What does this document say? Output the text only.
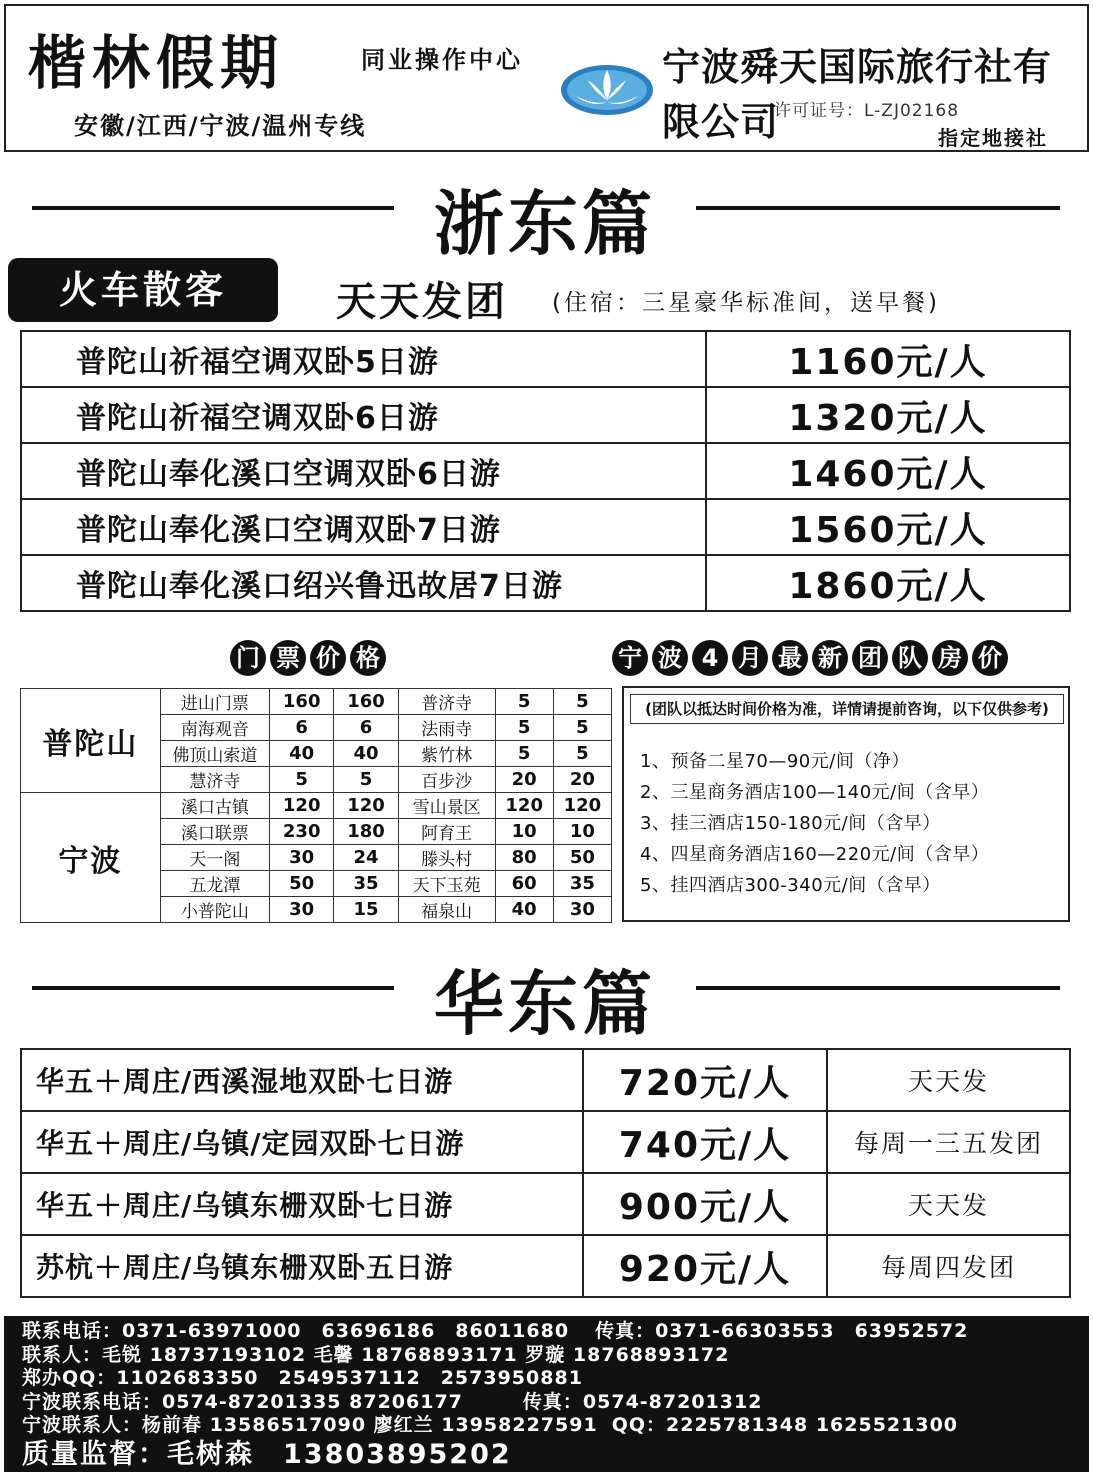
楷林假期	同业操作中心
安徽/江西/宁波/温州专线
宁波舜天国际旅行社有限公司
许可证号：L-ZJ02168
指定地接社
浙东篇
火车散客	天天发团 (住宿：三星豪华标准间，送早餐)
普陀山祈福空调双卧5日游	1160元/人
普陀山祈福空调双卧6日游	1320元/人
普陀山奉化溪口空调双卧6日游	1460元/人
普陀山奉化溪口空调双卧7日游	1560元/人
普陀山奉化溪口绍兴鲁迅故居7日游	1860元/人
门 票 价 格	宁 波 4 月 最 新 团 队 房 价
普陀山	进山门票	160	160	普济寺	5	5
	南海观音	6	6	法雨寺	5	5
	佛顶山索道	40	40	紫竹林	5	5
	慧济寺	5	5	百步沙	20	20
宁波	溪口古镇	120	120	雪山景区	120	120
	溪口联票	230	180	阿育王	10	10
	天一阁	30	24	滕头村	80	50
	五龙潭	50	35	天下玉苑	60	35
	小普陀山	30	15	福泉山	40	30
(团队以抵达时间价格为准，详情请提前咨询，以下仅供参考)
1、预备二星70—90元/间（净）
2、三星商务酒店100—140元/间（含早）
3、挂三酒店150-180元/间（含早）
4、四星商务酒店160—220元/间（含早）
5、挂四酒店300-340元/间（含早）
华东篇
华五＋周庄/西溪湿地双卧七日游	720元/人	天天发
华五＋周庄/乌镇/定园双卧七日游	740元/人	每周一三五发团
华五＋周庄/乌镇东栅双卧七日游	900元/人	天天发
苏杭＋周庄/乌镇东栅双卧五日游	920元/人	每周四发团
联系电话：0371-63971000　63696186　86011680 传真：0371-66303553　63952572
联系人：毛锐 18737193102 毛馨 18768893171 罗璇 18768893172
郑办QQ：1102683350　2549537112　2573950881
宁波联系电话：0574-87201335 87206177	传真：0574-87201312
宁波联系人：杨前春 13586517090 廖红兰 13958227591 QQ：2225781348 1625521300
质量监督：毛树森　13803895202
